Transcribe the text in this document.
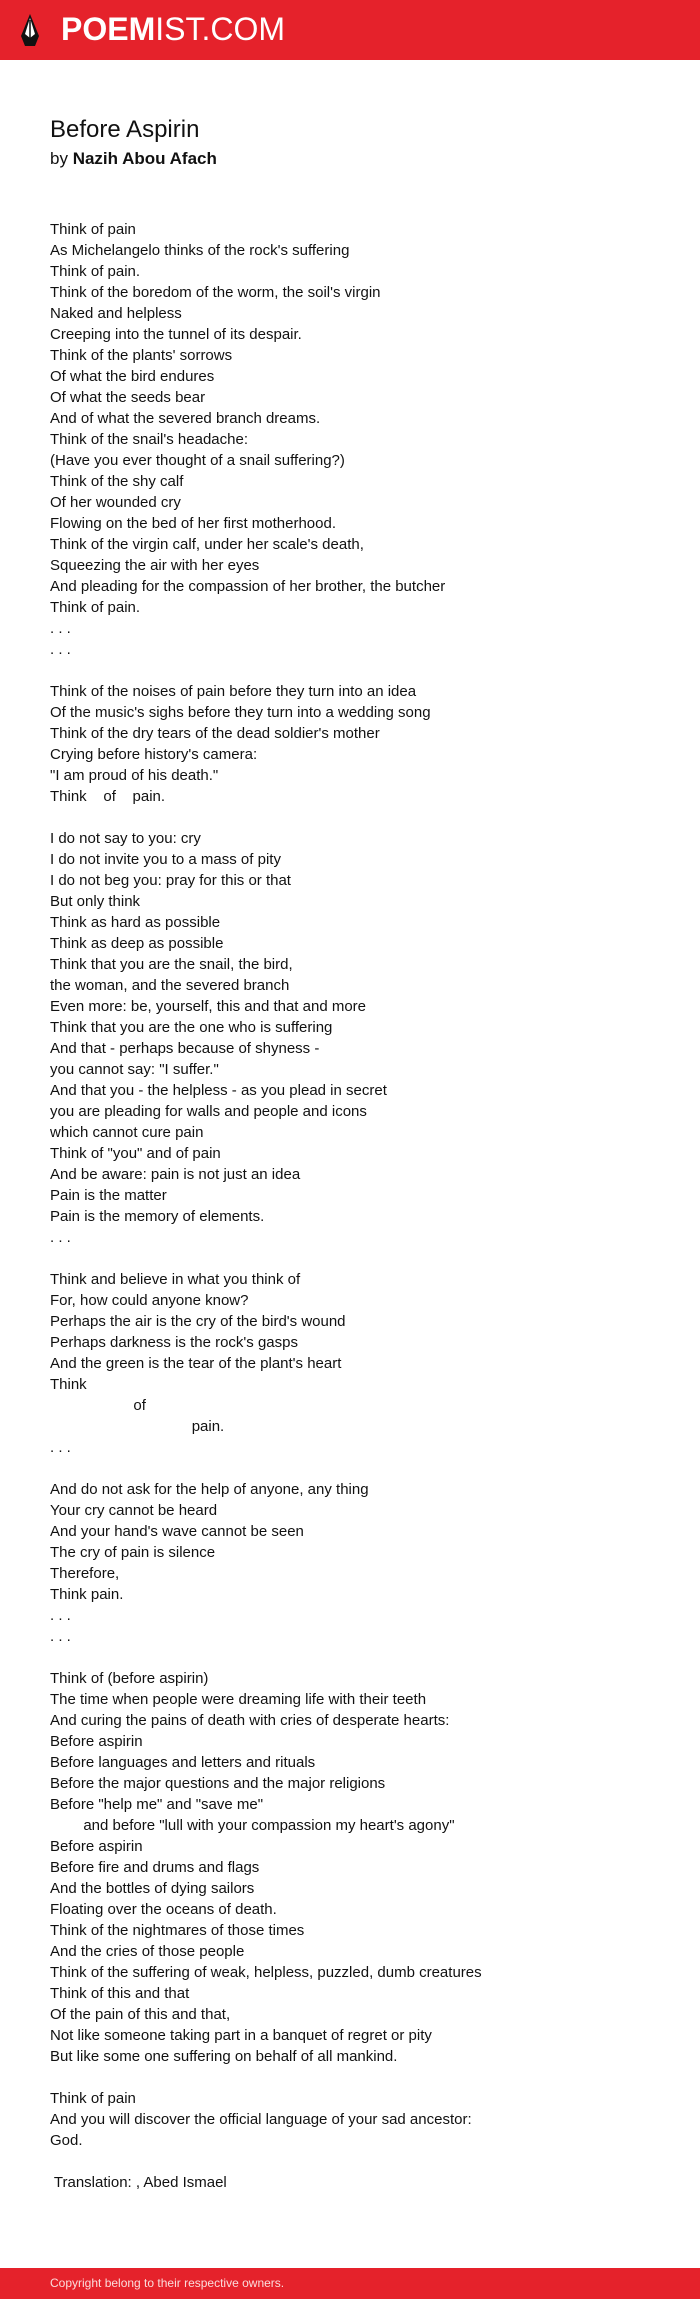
POEMIST.COM
Before Aspirin
by Nazih Abou Afach
Think of pain
As Michelangelo thinks of the rock's suffering
Think of pain.
Think of the boredom of the worm, the soil's virgin
Naked and helpless
Creeping into the tunnel of its despair.
Think of the plants' sorrows
Of what the bird endures
Of what the seeds bear
And of what the severed branch dreams.
Think of the snail's headache:
(Have you ever thought of a snail suffering?)
Think of the shy calf
Of her wounded cry
Flowing on the bed of her first motherhood.
Think of the virgin calf, under her scale's death,
Squeezing the air with her eyes
And pleading for the compassion of her brother, the butcher
Think of pain.
. . .
. . .
Think of the noises of pain before they turn into an idea
Of the music's sighs before they turn into a wedding song
Think of the dry tears of the dead soldier's mother
Crying before history's camera:
"I am proud of his death."
Think    of    pain.
I do not say to you: cry
I do not invite you to a mass of pity
I do not beg you: pray for this or that
But only think
Think as hard as possible
Think as deep as possible
Think that you are the snail, the bird,
the woman, and the severed branch
Even more: be, yourself, this and that and more
Think that you are the one who is suffering
And that - perhaps because of shyness -
you cannot say: "I suffer."
And that you - the helpless - as you plead in secret
you are pleading for walls and people and icons
which cannot cure pain
Think of "you" and of pain
And be aware: pain is not just an idea
Pain is the matter
Pain is the memory of elements.
. . .
Think and believe in what you think of
For, how could anyone know?
Perhaps the air is the cry of the bird's wound
Perhaps darkness is the rock's gasps
And the green is the tear of the plant's heart
Think
of
pain.
. . .
And do not ask for the help of anyone, any thing
Your cry cannot be heard
And your hand's wave cannot be seen
The cry of pain is silence
Therefore,
Think pain.
. . .
. . .
Think of (before aspirin)
The time when people were dreaming life with their teeth
And curing the pains of death with cries of desperate hearts:
Before aspirin
Before languages and letters and rituals
Before the major questions and the major religions
Before "help me" and "save me"
and before "lull with your compassion my heart's agony"
Before aspirin
Before fire and drums and flags
And the bottles of dying sailors
Floating over the oceans of death.
Think of the nightmares of those times
And the cries of those people
Think of the suffering of weak, helpless, puzzled, dumb creatures
Think of this and that
Of the pain of this and that,
Not like someone taking part in a banquet of regret or pity
But like some one suffering on behalf of all mankind.
Think of pain
And you will discover the official language of your sad ancestor:
God.
Translation: , Abed Ismael
Copyright belong to their respective owners.
